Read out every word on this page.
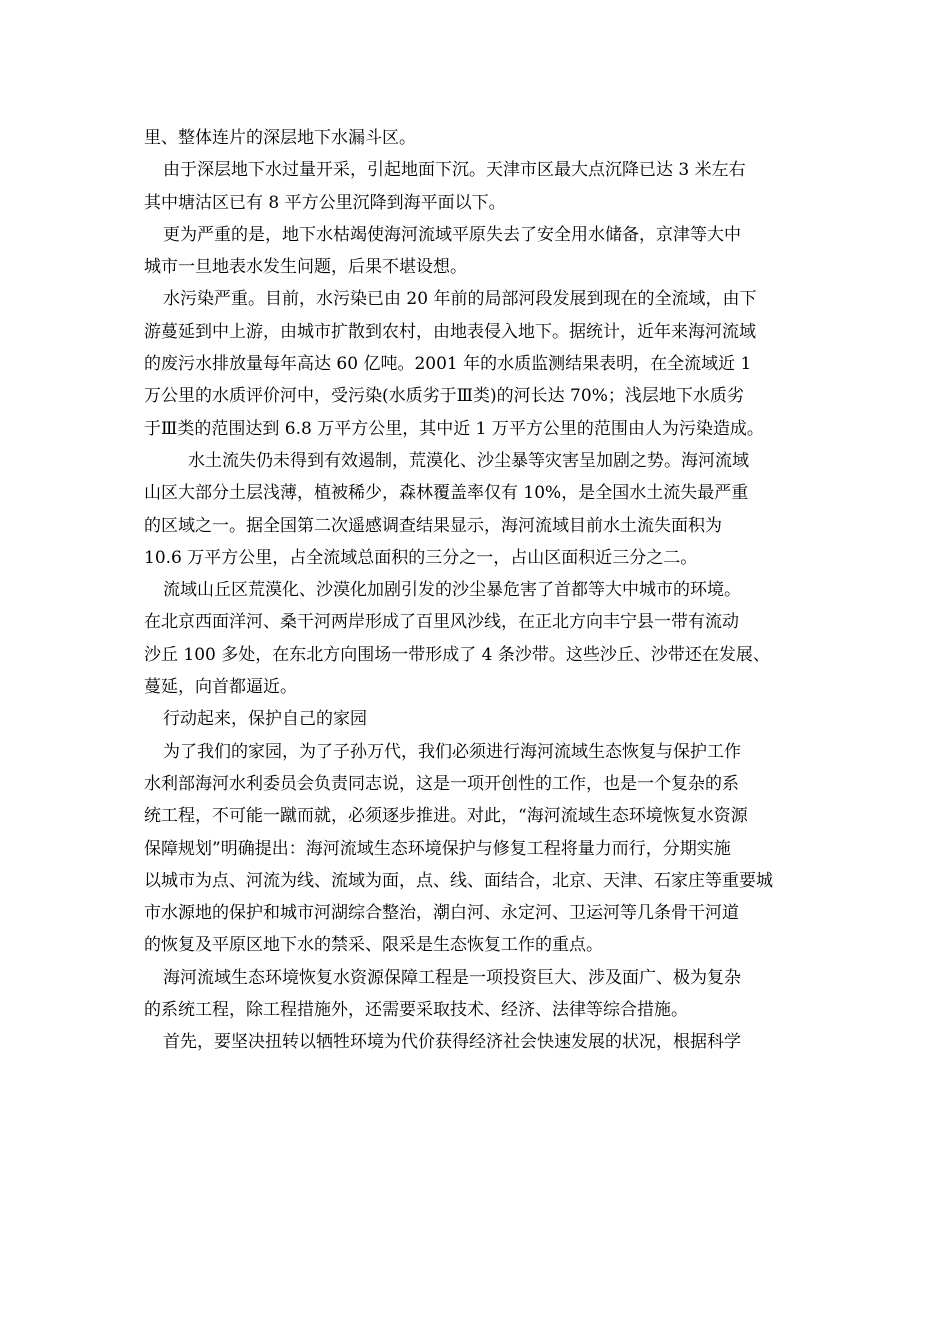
里、整体连片的深层地下水漏斗区。
由于深层地下水过量开采，引起地面下沉。天津市区最大点沉降已达 3 米左右
其中塘沽区已有 8 平方公里沉降到海平面以下。
更为严重的是，地下水枯竭使海河流域平原失去了安全用水储备，京津等大中
城市一旦地表水发生问题，后果不堪设想。
水污染严重。目前，水污染已由 20 年前的局部河段发展到现在的全流域，由下
游蔓延到中上游，由城市扩散到农村，由地表侵入地下。据统计，近年来海河流域
的废污水排放量每年高达 60 亿吨。2001 年的水质监测结果表明，在全流域近 1
万公里的水质评价河中，受污染(水质劣于Ⅲ类)的河长达 70%；浅层地下水质劣
于Ⅲ类的范围达到 6.8 万平方公里，其中近 1 万平方公里的范围由人为污染造成。
水土流失仍未得到有效遏制，荒漠化、沙尘暴等灾害呈加剧之势。海河流域
山区大部分土层浅薄，植被稀少，森林覆盖率仅有 10%，是全国水土流失最严重
的区域之一。据全国第二次遥感调查结果显示，海河流域目前水土流失面积为
10.6 万平方公里，占全流域总面积的三分之一，占山区面积近三分之二。
流域山丘区荒漠化、沙漠化加剧引发的沙尘暴危害了首都等大中城市的环境。
在北京西面洋河、桑干河两岸形成了百里风沙线，在正北方向丰宁县一带有流动
沙丘 100 多处，在东北方向围场一带形成了 4 条沙带。这些沙丘、沙带还在发展、
蔓延，向首都逼近。
行动起来，保护自己的家园
为了我们的家园，为了子孙万代，我们必须进行海河流域生态恢复与保护工作
水利部海河水利委员会负责同志说，这是一项开创性的工作，也是一个复杂的系
统工程，不可能一蹴而就，必须逐步推进。对此，“海河流域生态环境恢复水资源
保障规划”明确提出：海河流域生态环境保护与修复工程将量力而行，分期实施
以城市为点、河流为线、流域为面，点、线、面结合，北京、天津、石家庄等重要城
市水源地的保护和城市河湖综合整治，潮白河、永定河、卫运河等几条骨干河道
的恢复及平原区地下水的禁采、限采是生态恢复工作的重点。
海河流域生态环境恢复水资源保障工程是一项投资巨大、涉及面广、极为复杂
的系统工程，除工程措施外，还需要采取技术、经济、法律等综合措施。
首先，要坚决扭转以牺牲环境为代价获得经济社会快速发展的状况，根据科学
